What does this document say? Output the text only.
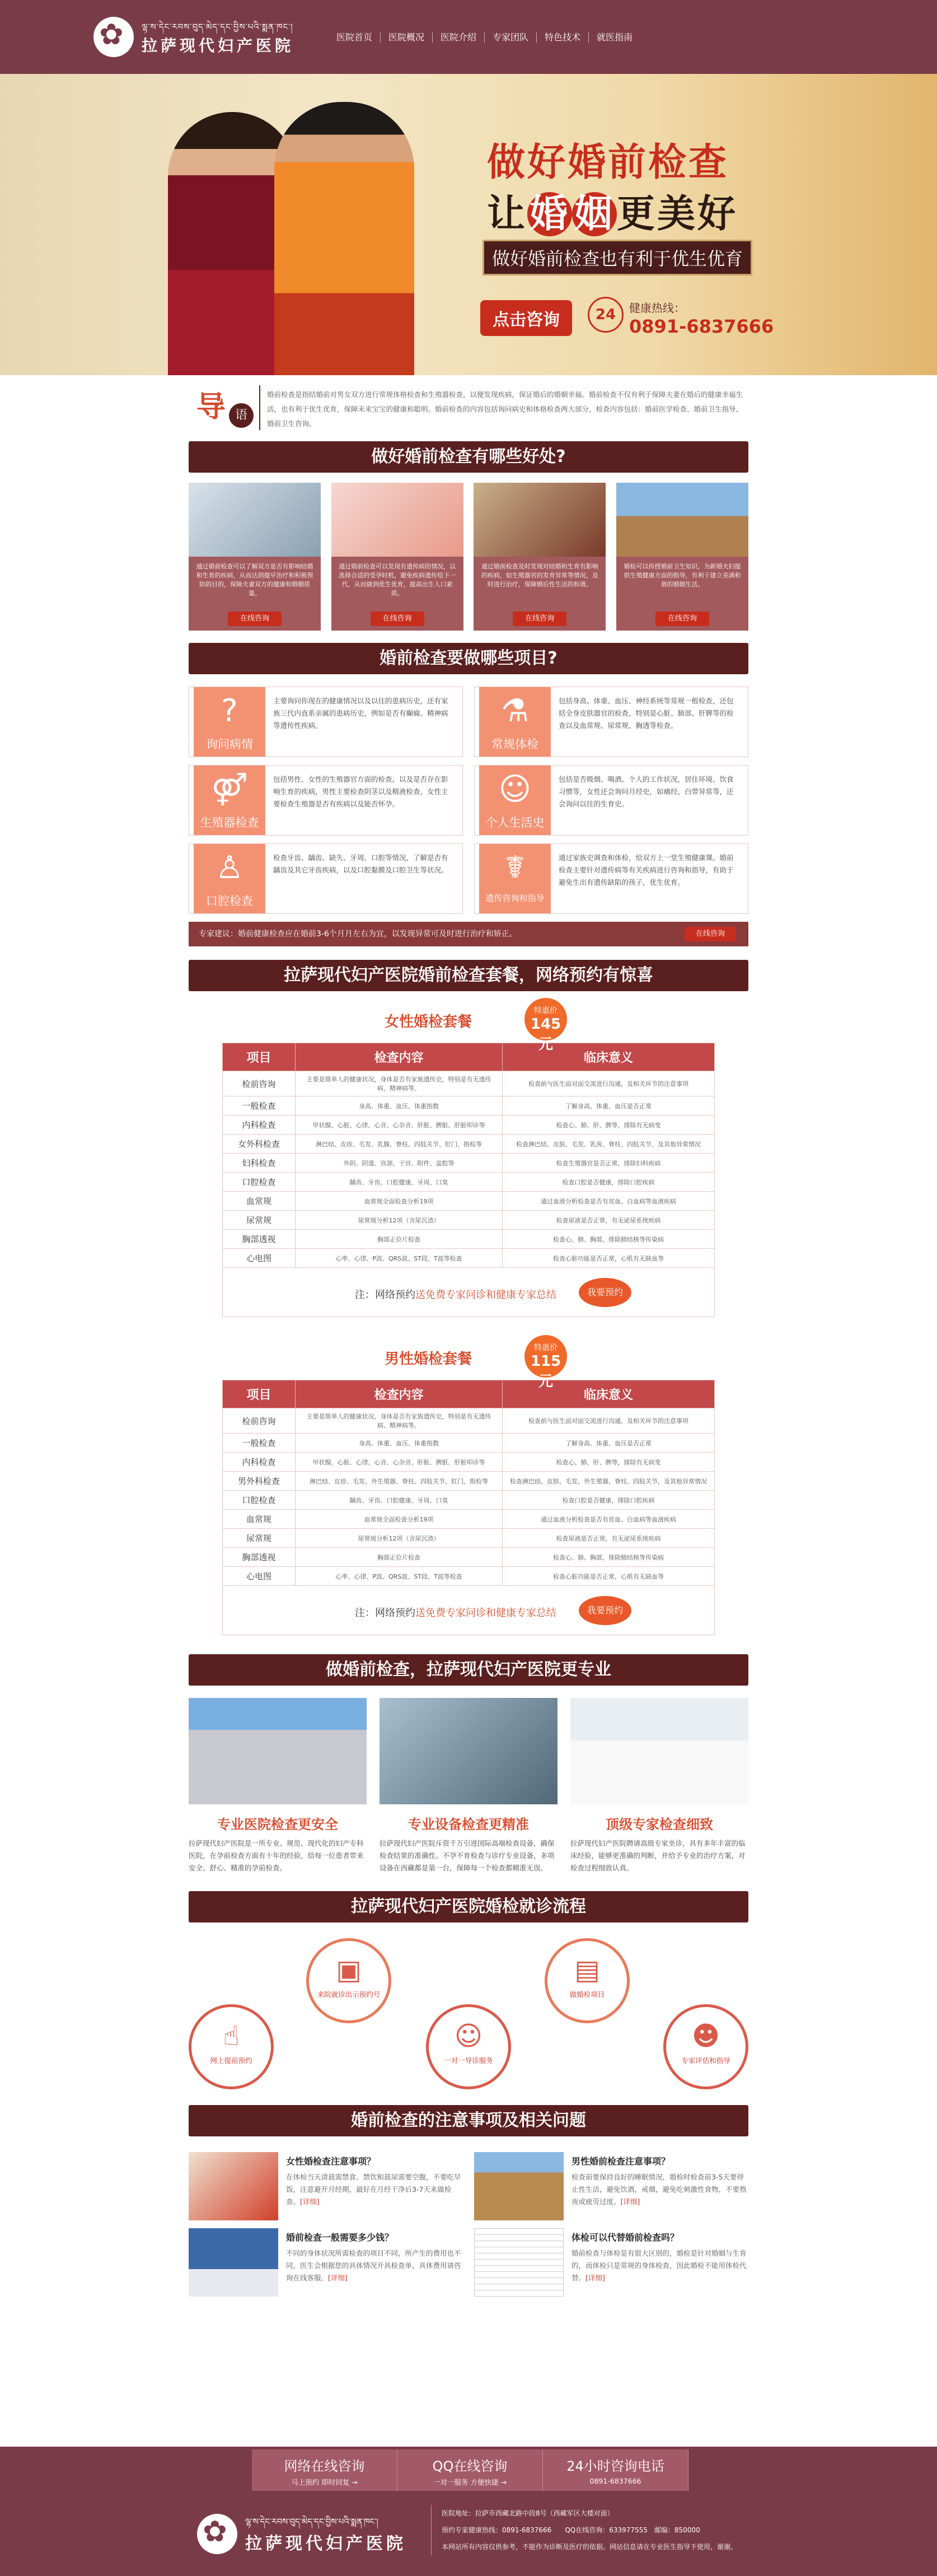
✿
ལྷ་ས་དེང་རབས་བུད་མེད་དང་བྱིས་པའི་སྨན་ཁང་།
拉萨现代妇产医院	医院首页	医院概况	医院介绍	专家团队	特色技术	就医指南
做好婚前检查
让婚 姻更美好
做好婚前检查也有利于优生优育
点击咨询	24	健康热线：
0891-6837666
导 语

婚前检查是指结婚前对男女双方进行常规体格检查和生殖器检查，以便发现疾病，保证婚后的婚姻幸福。婚前检查不仅有利于保障夫妻在婚后的健康幸福生活，也有利于优生优育，保障未来宝宝的健康和聪明。婚前检查的内容包括询问病史和体格检查两大部分，检查内容包括：婚前医学检查、婚前卫生指导、婚前卫生咨询。

做好婚前检查有哪些好处?

通过婚前检查可以了解双方是否有影响结婚和生育的疾病，从而达到提早治疗和积极预防的目的，保障夫妻双方的健康和婚姻质量。

在线咨询

通过婚前检查可以发现有遗传病的情况，以选择合适的受孕时机，避免疾病遗传给下一代，从而做到优生优育，提高出生人口素质。

在线咨询

通过婚前检查及时发现对结婚和生育有影响的疾病，如生殖器官的发育异常等情况，及时进行治疗，保障婚后性生活的和谐。

在线咨询

婚检可以传授婚前卫生知识，为新婚夫妇提供生殖健康方面的指导，有利于建立美满和谐的婚姻生活。

在线咨询
婚前检查要做哪些项目?
?
询问病情

主要询问你现在的健康情况以及以往的患病历史，还有家族三代内直系亲属的患病历史，例如是否有癫痫、精神病等遗传性疾病。	⚗
常规体检

包括身高、体重、血压、神经系统等常规一般检查，还包括全身皮肤器官的检查，特别是心脏、肺部、肝脾等的检查以及血常规、尿常规、胸透等检查。

⚤
生殖器检查

包括男性、女性的生殖器官方面的检查，以及是否存在影响生育的疾病，男性主要检查阴茎以及精液检查，女性主要检查生殖器是否有疾病以及能否怀孕。	☺
个人生活史

包括是否吸烟、喝酒、个人的工作状况，居住环境、饮食习惯等，女性还会询问月经史，如痛经、白带异常等，还会询问以往的生育史。

♙
口腔检查

检查牙齿、龋齿、缺失、牙周、口腔等情况，了解是否有龋齿及其它牙齿疾病，以及口腔黏膜及口腔卫生等状况。	☤
遗传咨询和指导

通过家族史调查和体检，给双方上一堂生殖健康课。婚前检查主要针对遗传病等有关疾病进行咨询和指导，有助于避免生出有遗传缺陷的孩子，优生优育。

专家建议：婚前健康检查应在婚前3-6个月月左右为宜，以发现异常可及时进行治疗和矫正。	在线咨询
拉萨现代妇产医院婚前检查套餐，网络预约有惊喜
女性婚检套餐
特惠价
145元
项目	检查内容	临床意义
检前咨询	主要是简单人的健康状况，身体是否有家族遗传史，特别是有无遗传病、精神病等。	检查前与医生面对面交流进行沟通，及相关环节的注意事项
一般检查	身高、体重、血压、体重指数	了解身高、体重、血压是否正常
内科检查	甲状腺、心脏、心律、心音、心杂音、肝脏、脾脏、肝脏叩诊等	检查心、肺、肝、脾等，排除有无病变
女外科检查	淋巴结、皮疹、毛发、乳腺、脊柱、四肢关节、肛门、指检等	检查淋巴结、皮肤、毛发、乳房、脊柱、四肢关节，及其他异常情况
妇科检查	外阴、阴道、宫颈、子宫、附件、盆腔等	检查生殖器官是否正常，排除妇科疾病
口腔检查	龋齿、牙齿、口腔健康、牙周、口臭	检查口腔是否健康，排除口腔疾病
血常规	血常规全面检查分析19项	通过血液分析检查是否有贫血、白血病等血液疾病
尿常规	尿常规分析12项（含尿沉渣）	检查尿液是否正常，有无泌尿系统疾病
胸部透视	胸部正位片检查	检查心、肺、胸部，排除肺结核等传染病
心电图	心率、心律、P波、QRS波、ST段、T波等检查	检查心脏功能是否正常，心肌有无缺血等
注：网络预约送免费专家问诊和健康专家总结	我要预约
男性婚检套餐
特惠价
115元
项目	检查内容	临床意义
检前咨询	主要是简单人的健康状况，身体是否有家族遗传史，特别是有无遗传病、精神病等。	检查前与医生面对面交流进行沟通，及相关环节的注意事项
一般检查	身高、体重、血压、体重指数	了解身高、体重、血压是否正常
内科检查	甲状腺、心脏、心律、心音、心杂音、肝脏、脾脏、肝脏叩诊等	检查心、肺、肝、脾等，排除有无病变
男外科检查	淋巴结、皮疹、毛发、外生殖器、脊柱、四肢关节、肛门、指检等	检查淋巴结、皮肤、毛发、外生殖器、脊柱、四肢关节，及其他异常情况
口腔检查	龋齿、牙齿、口腔健康、牙周、口臭	检查口腔是否健康，排除口腔疾病
血常规	血常规全面检查分析19项	通过血液分析检查是否有贫血、白血病等血液疾病
尿常规	尿常规分析12项（含尿沉渣）	检查尿液是否正常，有无泌尿系统疾病
胸部透视	胸部正位片检查	检查心、肺、胸部，排除肺结核等传染病
心电图	心率、心律、P波、QRS波、ST段、T波等检查	检查心脏功能是否正常，心肌有无缺血等
注：网络预约送免费专家问诊和健康专家总结	我要预约
做婚前检查，拉萨现代妇产医院更专业
专业医院检查更安全

拉萨现代妇产医院是一所专业、规范、现代化的妇产专科医院，在孕前检查方面有十年的经验，给每一位患者带来安全、舒心、精准的孕前检查。

专业设备检查更精准

拉萨现代妇产医院斥资千万引进国际高端检查设备，确保检查结果的准确性。不孕不育检查与诊疗专业设备，多项设备在西藏都是第一台，保障每一个检查都精准无误。

顶级专家检查细致

拉萨现代妇产医院聘请高级专家坐诊，具有多年丰富的临床经验，能够更准确的判断，并给予专业的治疗方案，对检查过程细致认真。

拉萨现代妇产医院婚检就诊流程
☝
网上提前预约
▣
来院就诊出示预约号
☺
一对一导诊服务
▤
做婚检项目
☻
专家评估和指导
婚前检查的注意事项及相关问题
女性婚检查注意事项？

在体检当天清晨需禁食、禁饮和晨尿需要空腹，不要吃早饭，注意避开月经期，最好在月经干净后3-7天来做检查。[详细]

男性婚前检查注意事项？

检查前要保持良好的睡眠情况，婚检时检查前3-5天要停止性生活，避免饮酒，戒烟，避免吃刺激性食物，不要熬夜或疲劳过度。[详细]

婚前检查一般需要多少钱？

不同的身体状况所需检查的项目不同，所产生的费用也不同，医生会根据您的具体情况开具检查单，具体费用请咨询在线客服。[详细]

体检可以代替婚前检查吗？

婚前检查与体检是有很大区别的，婚检是针对婚姻与生育的，而体检只是常规的身体检查，因此婚检不能用体检代替。[详细]

网络在线咨询
马上预约 即时回复 →
QQ在线咨询
一对一服务 方便快捷 →
24小时咨询电话
0891-6837666
✿
ལྷ་ས་དེང་རབས་བུད་མེད་དང་བྱིས་པའི་སྨན་ཁང་།
拉萨现代妇产医院
医院地址：拉萨市西藏北路中段8号（西藏军区大楼对面）
预约专家健康热线：0891-6837666　　QQ在线咨询：633977555　邮编：850000
本网站所有内容仅供参考，不能作为诊断及医疗的依据。网站信息请在专业医生指导下使用，谢谢。
